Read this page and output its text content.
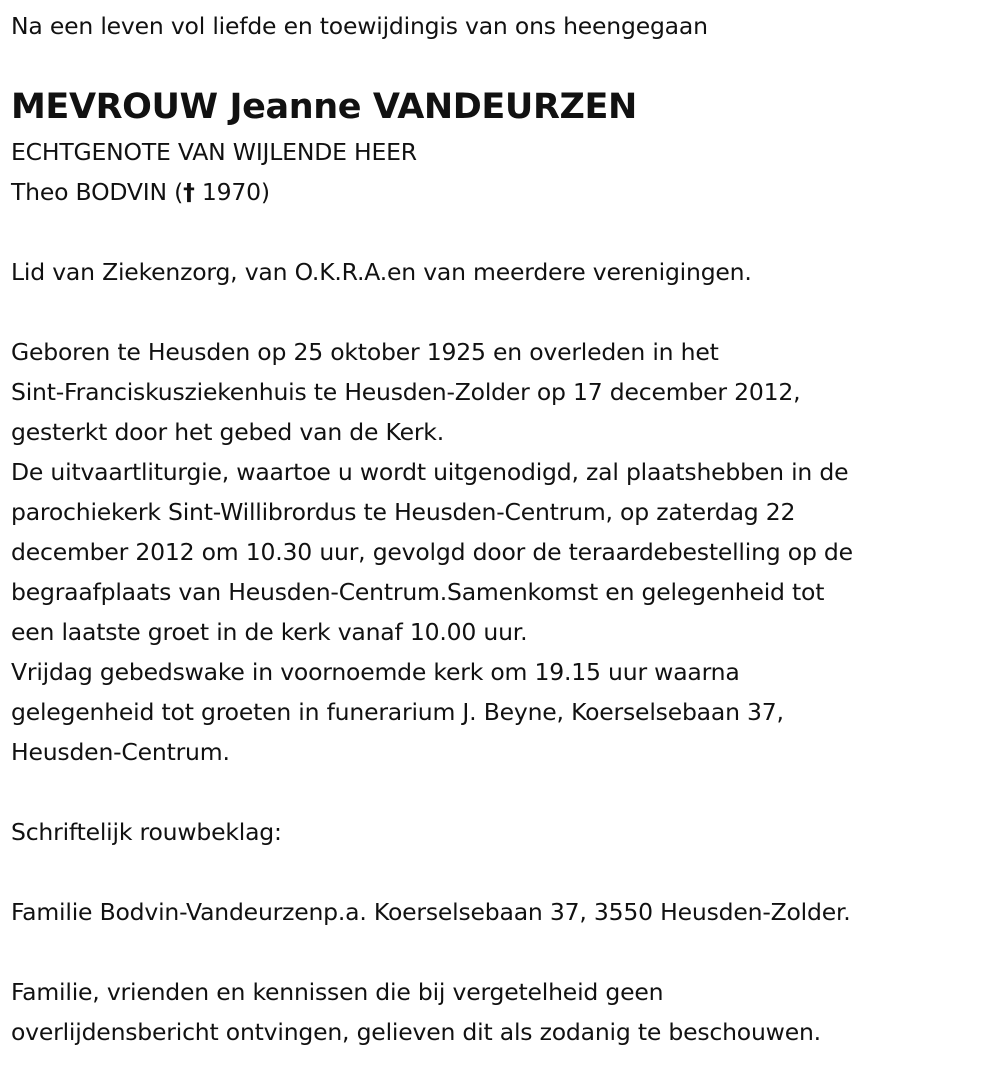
Na een leven vol liefde en toewijdingis van ons heengegaan

MEVROUW Jeanne VANDEURZEN

ECHTGENOTE VAN WIJLENDE HEER

Theo BODVIN († 1970)

Lid van Ziekenzorg, van O.K.R.A.en van meerdere verenigingen.

Geboren te Heusden op 25 oktober 1925 en overleden in het

Sint-Franciskusziekenhuis te Heusden-Zolder op 17 december 2012,

gesterkt door het gebed van de Kerk.

De uitvaartliturgie, waartoe u wordt uitgenodigd, zal plaatshebben in de

parochiekerk Sint-Willibrordus te Heusden-Centrum, op zaterdag 22

december 2012 om 10.30 uur, gevolgd door de teraardebestelling op de

begraafplaats van Heusden-Centrum.Samenkomst en gelegenheid tot

een laatste groet in de kerk vanaf 10.00 uur.

Vrijdag gebedswake in voornoemde kerk om 19.15 uur waarna

gelegenheid tot groeten in funerarium J. Beyne, Koerselsebaan 37,

Heusden-Centrum.

Schriftelijk rouwbeklag:

Familie Bodvin-Vandeurzenp.a. Koerselsebaan 37, 3550 Heusden-Zolder.

Familie, vrienden en kennissen die bij vergetelheid geen

overlijdensbericht ontvingen, gelieven dit als zodanig te beschouwen.
